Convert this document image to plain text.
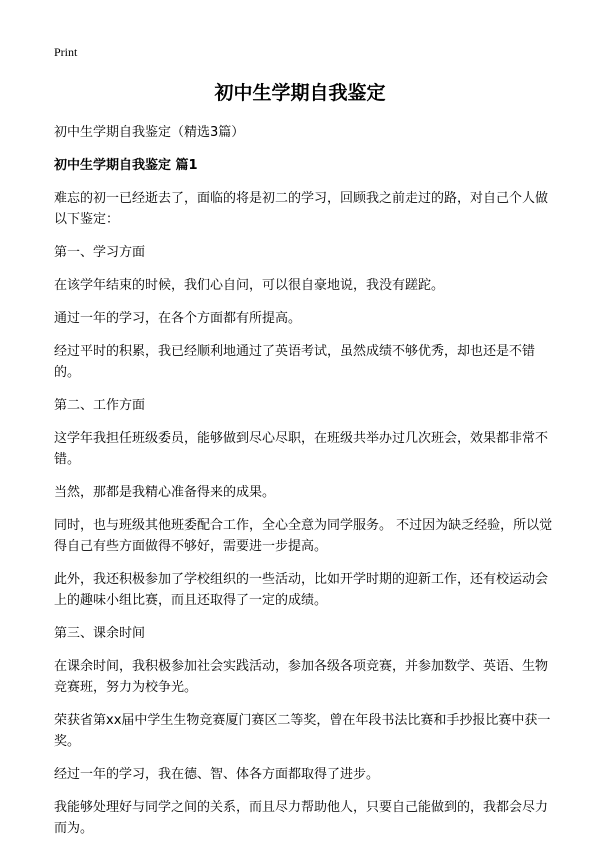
Print
初中生学期自我鉴定

初中生学期自我鉴定（精选3篇）

初中生学期自我鉴定 篇1

难忘的初一已经逝去了，面临的将是初二的学习，回顾我之前走过的路，对自己个人做以下鉴定：

第一、学习方面

在该学年结束的时候，我们心自问，可以很自豪地说，我没有蹉跎。

通过一年的学习，在各个方面都有所提高。

经过平时的积累，我已经顺利地通过了英语考试，虽然成绩不够优秀，却也还是不错的。

第二、工作方面

这学年我担任班级委员，能够做到尽心尽职，在班级共举办过几次班会，效果都非常不错。

当然，那都是我精心准备得来的成果。

同时，也与班级其他班委配合工作，全心全意为同学服务。 不过因为缺乏经验，所以觉得自己有些方面做得不够好，需要进一步提高。

此外，我还积极参加了学校组织的一些活动，比如开学时期的迎新工作，还有校运动会上的趣味小组比赛，而且还取得了一定的成绩。

第三、课余时间

在课余时间，我积极参加社会实践活动，参加各级各项竞赛，并参加数学、英语、生物竞赛班，努力为校争光。

荣获省第xx届中学生生物竞赛厦门赛区二等奖，曾在年段书法比赛和手抄报比赛中获一奖。

经过一年的学习，我在德、智、体各方面都取得了进步。

我能够处理好与同学之间的关系，而且尽力帮助他人，只要自己能做到的，我都会尽力而为。
